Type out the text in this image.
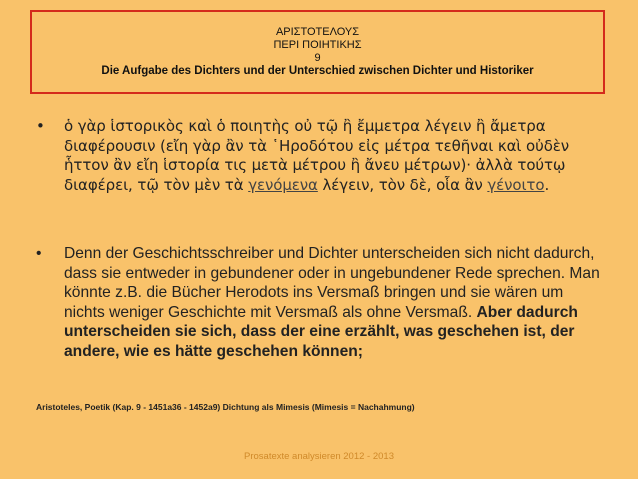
ΑΡΙΣΤΟΤΕΛΟΥΣ
ΠΕΡΙ ΠΟΙΗΤΙΚΗΣ
9
Die Aufgabe des Dichters und der Unterschied zwischen Dichter und Historiker
•	ὁ γὰρ ἱστορικὸς καὶ ὁ ποιητὴς οὐ τῷ ἢ ἔμμετρα λέγειν ἢ ἄμετρα διαφέρουσιν (εἴη γὰρ ἂν τὰ ῾Ηροδότου εἰς μέτρα τεθῆναι καὶ οὐδὲν ἧττον ἂν εἴη ἱστορία τις μετὰ μέτρου ἢ ἄνευ μέτρων)· ἀλλὰ τούτῳ διαφέρει, τῷ τὸν μὲν τὰ γενόμενα λέγειν, τὸν δὲ, οἷα ἂν γένοιτο.
•	Denn der Geschichtsschreiber und Dichter unterscheiden sich nicht dadurch, dass sie entweder in gebundener oder in ungebundener Rede sprechen. Man könnte z.B. die Bücher Herodots ins Versmaß bringen und sie wären um nichts weniger Geschichte mit Versmaß als ohne Versmaß. Aber dadurch unterscheiden sie sich, dass der eine erzählt, was geschehen ist, der andere, wie es hätte geschehen können;
Aristoteles, Poetik (Kap. 9 - 1451a36 - 1452a9) Dichtung als Mimesis (Mimesis = Nachahmung)
Prosatexte analysieren 2012 - 2013
